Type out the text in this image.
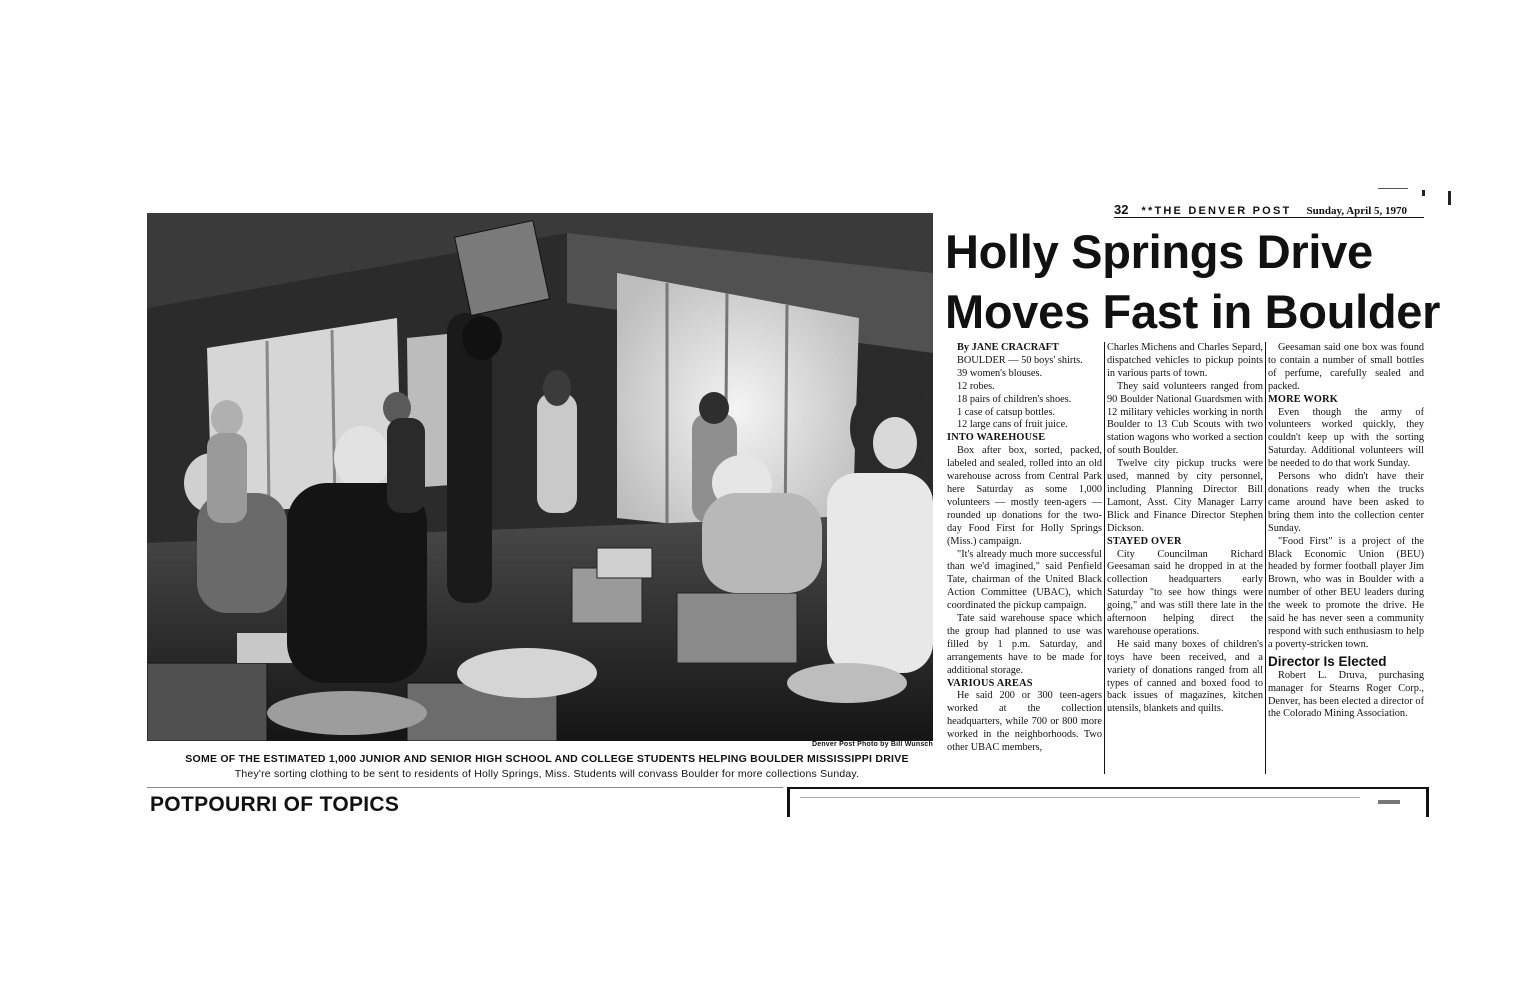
Denver Post Photo by Bill Wunsch
SOME OF THE ESTIMATED 1,000 JUNIOR AND SENIOR HIGH SCHOOL AND COLLEGE STUDENTS HELPING BOULDER MISSISSIPPI DRIVE
They're sorting clothing to be sent to residents of Holly Springs, Miss. Students will convass Boulder for more collections Sunday.
32 **THE DENVER POST Sunday, April 5, 1970
Holly Springs Drive
Moves Fast in Boulder

By JANE CRACRAFT

BOULDER — 50 boys' shirts.

39 women's blouses.

12 robes.

18 pairs of children's shoes.

1 case of catsup bottles.

12 large cans of fruit juice.

INTO WAREHOUSE

Box after box, sorted, packed, labeled and sealed, rolled into an old warehouse across from Central Park here Saturday as some 1,000 volunteers — mostly teen-agers — rounded up donations for the two-day Food First for Holly Springs (Miss.) campaign.

"It's already much more successful than we'd imagined," said Penfield Tate, chairman of the United Black Action Committee (UBAC), which coordinated the pickup campaign.

Tate said warehouse space which the group had planned to use was filled by 1 p.m. Saturday, and arrangements have to be made for additional storage.

VARIOUS AREAS

He said 200 or 300 teen-agers worked at the collection headquarters, while 700 or 800 more worked in the neighborhoods. Two other UBAC members,

Charles Michens and Charles Separd, dispatched vehicles to pickup points in various parts of town.

They said volunteers ranged from 90 Boulder National Guardsmen with 12 military vehicles working in north Boulder to 13 Cub Scouts with two station wagons who worked a section of south Boulder.

Twelve city pickup trucks were used, manned by city personnel, including Planning Director Bill Lamont, Asst. City Manager Larry Blick and Finance Director Stephen Dickson.

STAYED OVER

City Councilman Richard Geesaman said he dropped in at the collection headquarters early Saturday "to see how things were going," and was still there late in the afternoon helping direct the warehouse operations.

He said many boxes of children's toys have been received, and a variety of donations ranged from all types of canned and boxed food to back issues of magazines, kitchen utensils, blankets and quilts.

Geesaman said one box was found to contain a number of small bottles of perfume, carefully sealed and packed.

MORE WORK

Even though the army of volunteers worked quickly, they couldn't keep up with the sorting Saturday. Additional volunteers will be needed to do that work Sunday.

Persons who didn't have their donations ready when the trucks came around have been asked to bring them into the collection center Sunday.

"Food First" is a project of the Black Economic Union (BEU) headed by former football player Jim Brown, who was in Boulder with a number of other BEU leaders during the week to promote the drive. He said he has never seen a community respond with such enthusiasm to help a poverty-stricken town.

Director Is Elected

Robert L. Druva, purchasing manager for Stearns Roger Corp., Denver, has been elected a director of the Colorado Mining Association.

POTPOURRI OF TOPICS
